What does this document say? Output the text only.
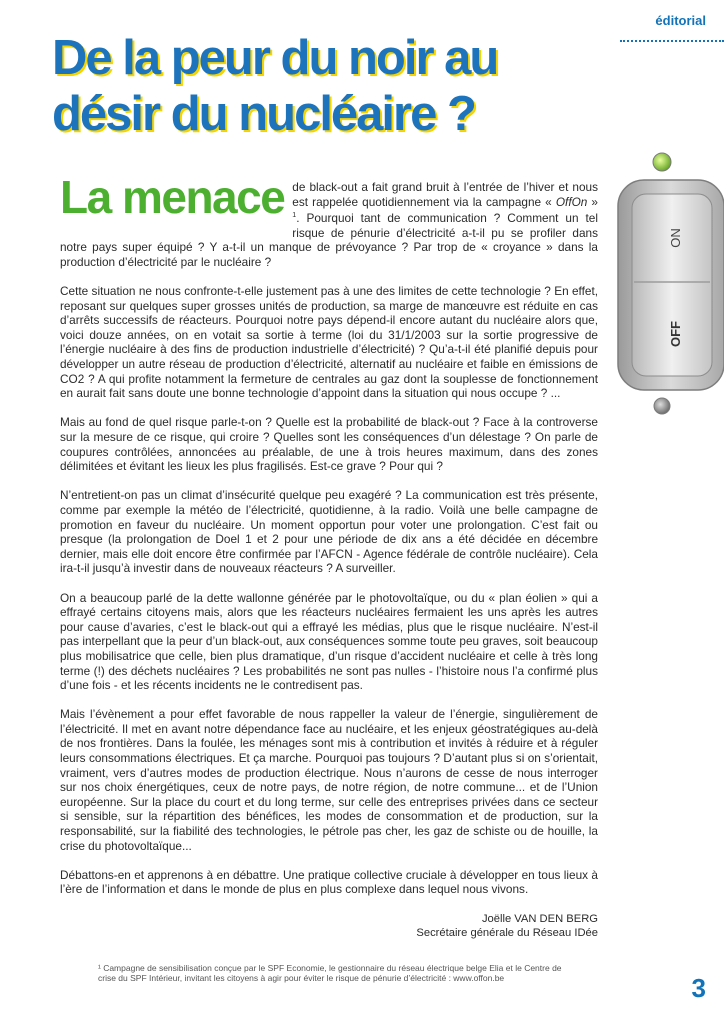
éditorial
De la peur du noir au désir du nucléaire ?
ON
OFF

La menace de black-out a fait grand bruit à l’entrée de l’hiver et nous est rappelée quotidiennement via la campagne « OffOn » $^1$. Pourquoi tant de communication ? Comment un tel risque de pénurie d’électricité a-t-il pu se profiler dans notre pays super équipé ? Y a-t-il un manque de prévoyance ? Par trop de « croyance » dans la production d’électricité par le nucléaire ?

Cette situation ne nous confronte-t-elle justement pas à une des limites de cette technologie ? En effet, reposant sur quelques super grosses unités de production, sa marge de manœuvre est réduite en cas d’arrêts successifs de réacteurs. Pourquoi notre pays dépend-il encore autant du nucléaire alors que, voici douze années, on en votait sa sortie à terme (loi du 31/1/2003 sur la sortie progressive de l’énergie nucléaire à des fins de production industrielle d’électricité) ? Qu’a-t-il été planifié depuis pour développer un autre réseau de production d’électricité, alternatif au nucléaire et faible en émissions de CO2 ? A qui profite notamment la fermeture de centrales au gaz dont la souplesse de fonctionnement en aurait fait sans doute une bonne technologie d’appoint dans la situation qui nous occupe ? ...

Mais au fond de quel risque parle-t-on ? Quelle est la probabilité de black-out ? Face à la controverse sur la mesure de ce risque, qui croire ? Quelles sont les conséquences d’un délestage ? On parle de coupures contrôlées, annoncées au préalable, de une à trois heures maximum, dans des zones délimitées et évitant les lieux les plus fragilisés. Est-ce grave ? Pour qui ?

N’entretient-on pas un climat d’insécurité quelque peu exagéré ? La communication est très présente, comme par exemple la météo de l’électricité, quotidienne, à la radio. Voilà une belle campagne de promotion en faveur du nucléaire. Un moment opportun pour voter une prolongation. C’est fait ou presque (la prolongation de Doel 1 et 2 pour une période de dix ans a été décidée en décembre dernier, mais elle doit encore être confirmée par l’AFCN - Agence fédérale de contrôle nucléaire). Cela ira-t-il jusqu’à investir dans de nouveaux réacteurs ? A surveiller.

On a beaucoup parlé de la dette wallonne générée par le photovoltaïque, ou du « plan éolien » qui a effrayé certains citoyens mais, alors que les réacteurs nucléaires fermaient les uns après les autres pour cause d’avaries, c’est le black-out qui a effrayé les médias, plus que le risque nucléaire. N’est-il pas interpellant que la peur d’un black-out, aux conséquences somme toute peu graves, soit beaucoup plus mobilisatrice que celle, bien plus dramatique, d’un risque d’accident nucléaire et celle à très long terme (!) des déchets nucléaires ? Les probabilités ne sont pas nulles - l’histoire nous l’a confirmé plus d’une fois - et les récents incidents ne le contredisent pas.

Mais l’évènement a pour effet favorable de nous rappeller la valeur de l’énergie, singulièrement de l’électricité. Il met en avant notre dépendance face au nucléaire, et les enjeux géostratégiques au-delà de nos frontières. Dans la foulée, les ménages sont mis à contribution et invités à réduire et à réguler leurs consommations électriques. Et ça marche. Pourquoi pas toujours ? D’autant plus si on s’orientait, vraiment, vers d’autres modes de production électrique. Nous n’aurons de cesse de nous interroger sur nos choix énergétiques, ceux de notre pays, de notre région, de notre commune... et de l’Union européenne. Sur la place du court et du long terme, sur celle des entreprises privées dans ce secteur si sensible, sur la répartition des bénéfices, les modes de consommation et de production, sur la responsabilité, sur la fiabilité des technologies, le pétrole pas cher, les gaz de schiste ou de houille, la crise du photovoltaïque...

Débattons-en et apprenons à en débattre. Une pratique collective cruciale à développer en tous lieux à l’ère de l’information et dans le monde de plus en plus complexe dans lequel nous vivons.

Joëlle VAN DEN BERG
Secrétaire générale du Réseau IDée
¹ Campagne de sensibilisation conçue par le SPF Economie, le gestionnaire du réseau électrique belge Elia et le Centre de crise du SPF Intérieur, invitant les citoyens à agir pour éviter le risque de pénurie d’électricité : www.offon.be	3
